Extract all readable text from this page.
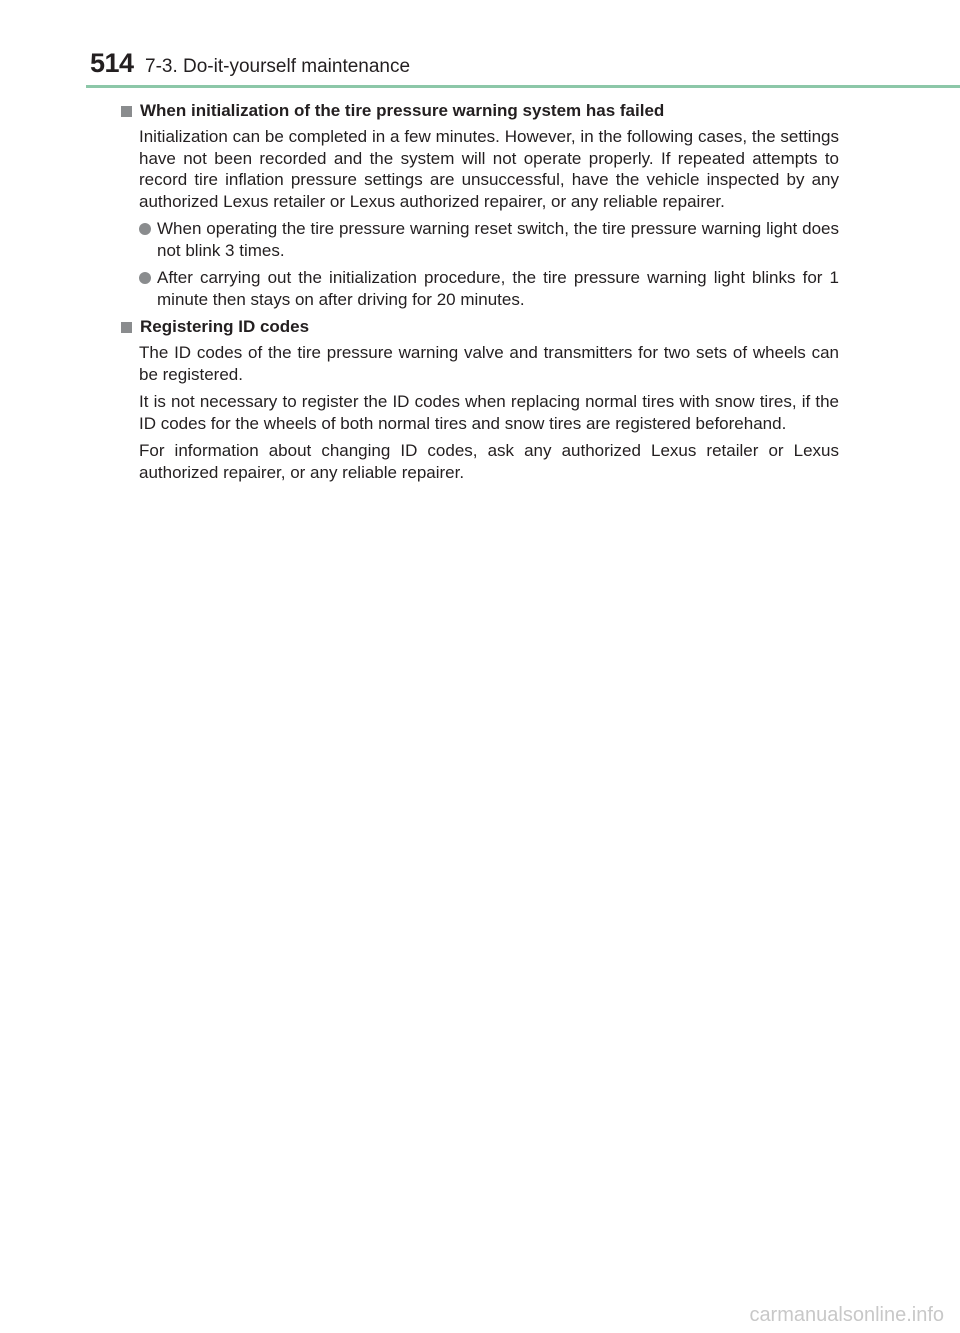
514 7-3. Do-it-yourself maintenance
When initialization of the tire pressure warning system has failed

Initialization can be completed in a few minutes. However, in the following cases, the settings have not been recorded and the system will not operate properly. If repeated attempts to record tire inflation pressure settings are unsuccessful, have the vehicle inspected by any authorized Lexus retailer or Lexus authorized repairer, or any reliable repairer.

When operating the tire pressure warning reset switch, the tire pressure warning light does not blink 3 times.
After carrying out the initialization procedure, the tire pressure warning light blinks for 1 minute then stays on after driving for 20 minutes.
Registering ID codes

The ID codes of the tire pressure warning valve and transmitters for two sets of wheels can be registered.

It is not necessary to register the ID codes when replacing normal tires with snow tires, if the ID codes for the wheels of both normal tires and snow tires are registered beforehand.

For information about changing ID codes, ask any authorized Lexus retailer or Lexus authorized repairer, or any reliable repairer.

carmanualsonline.info
